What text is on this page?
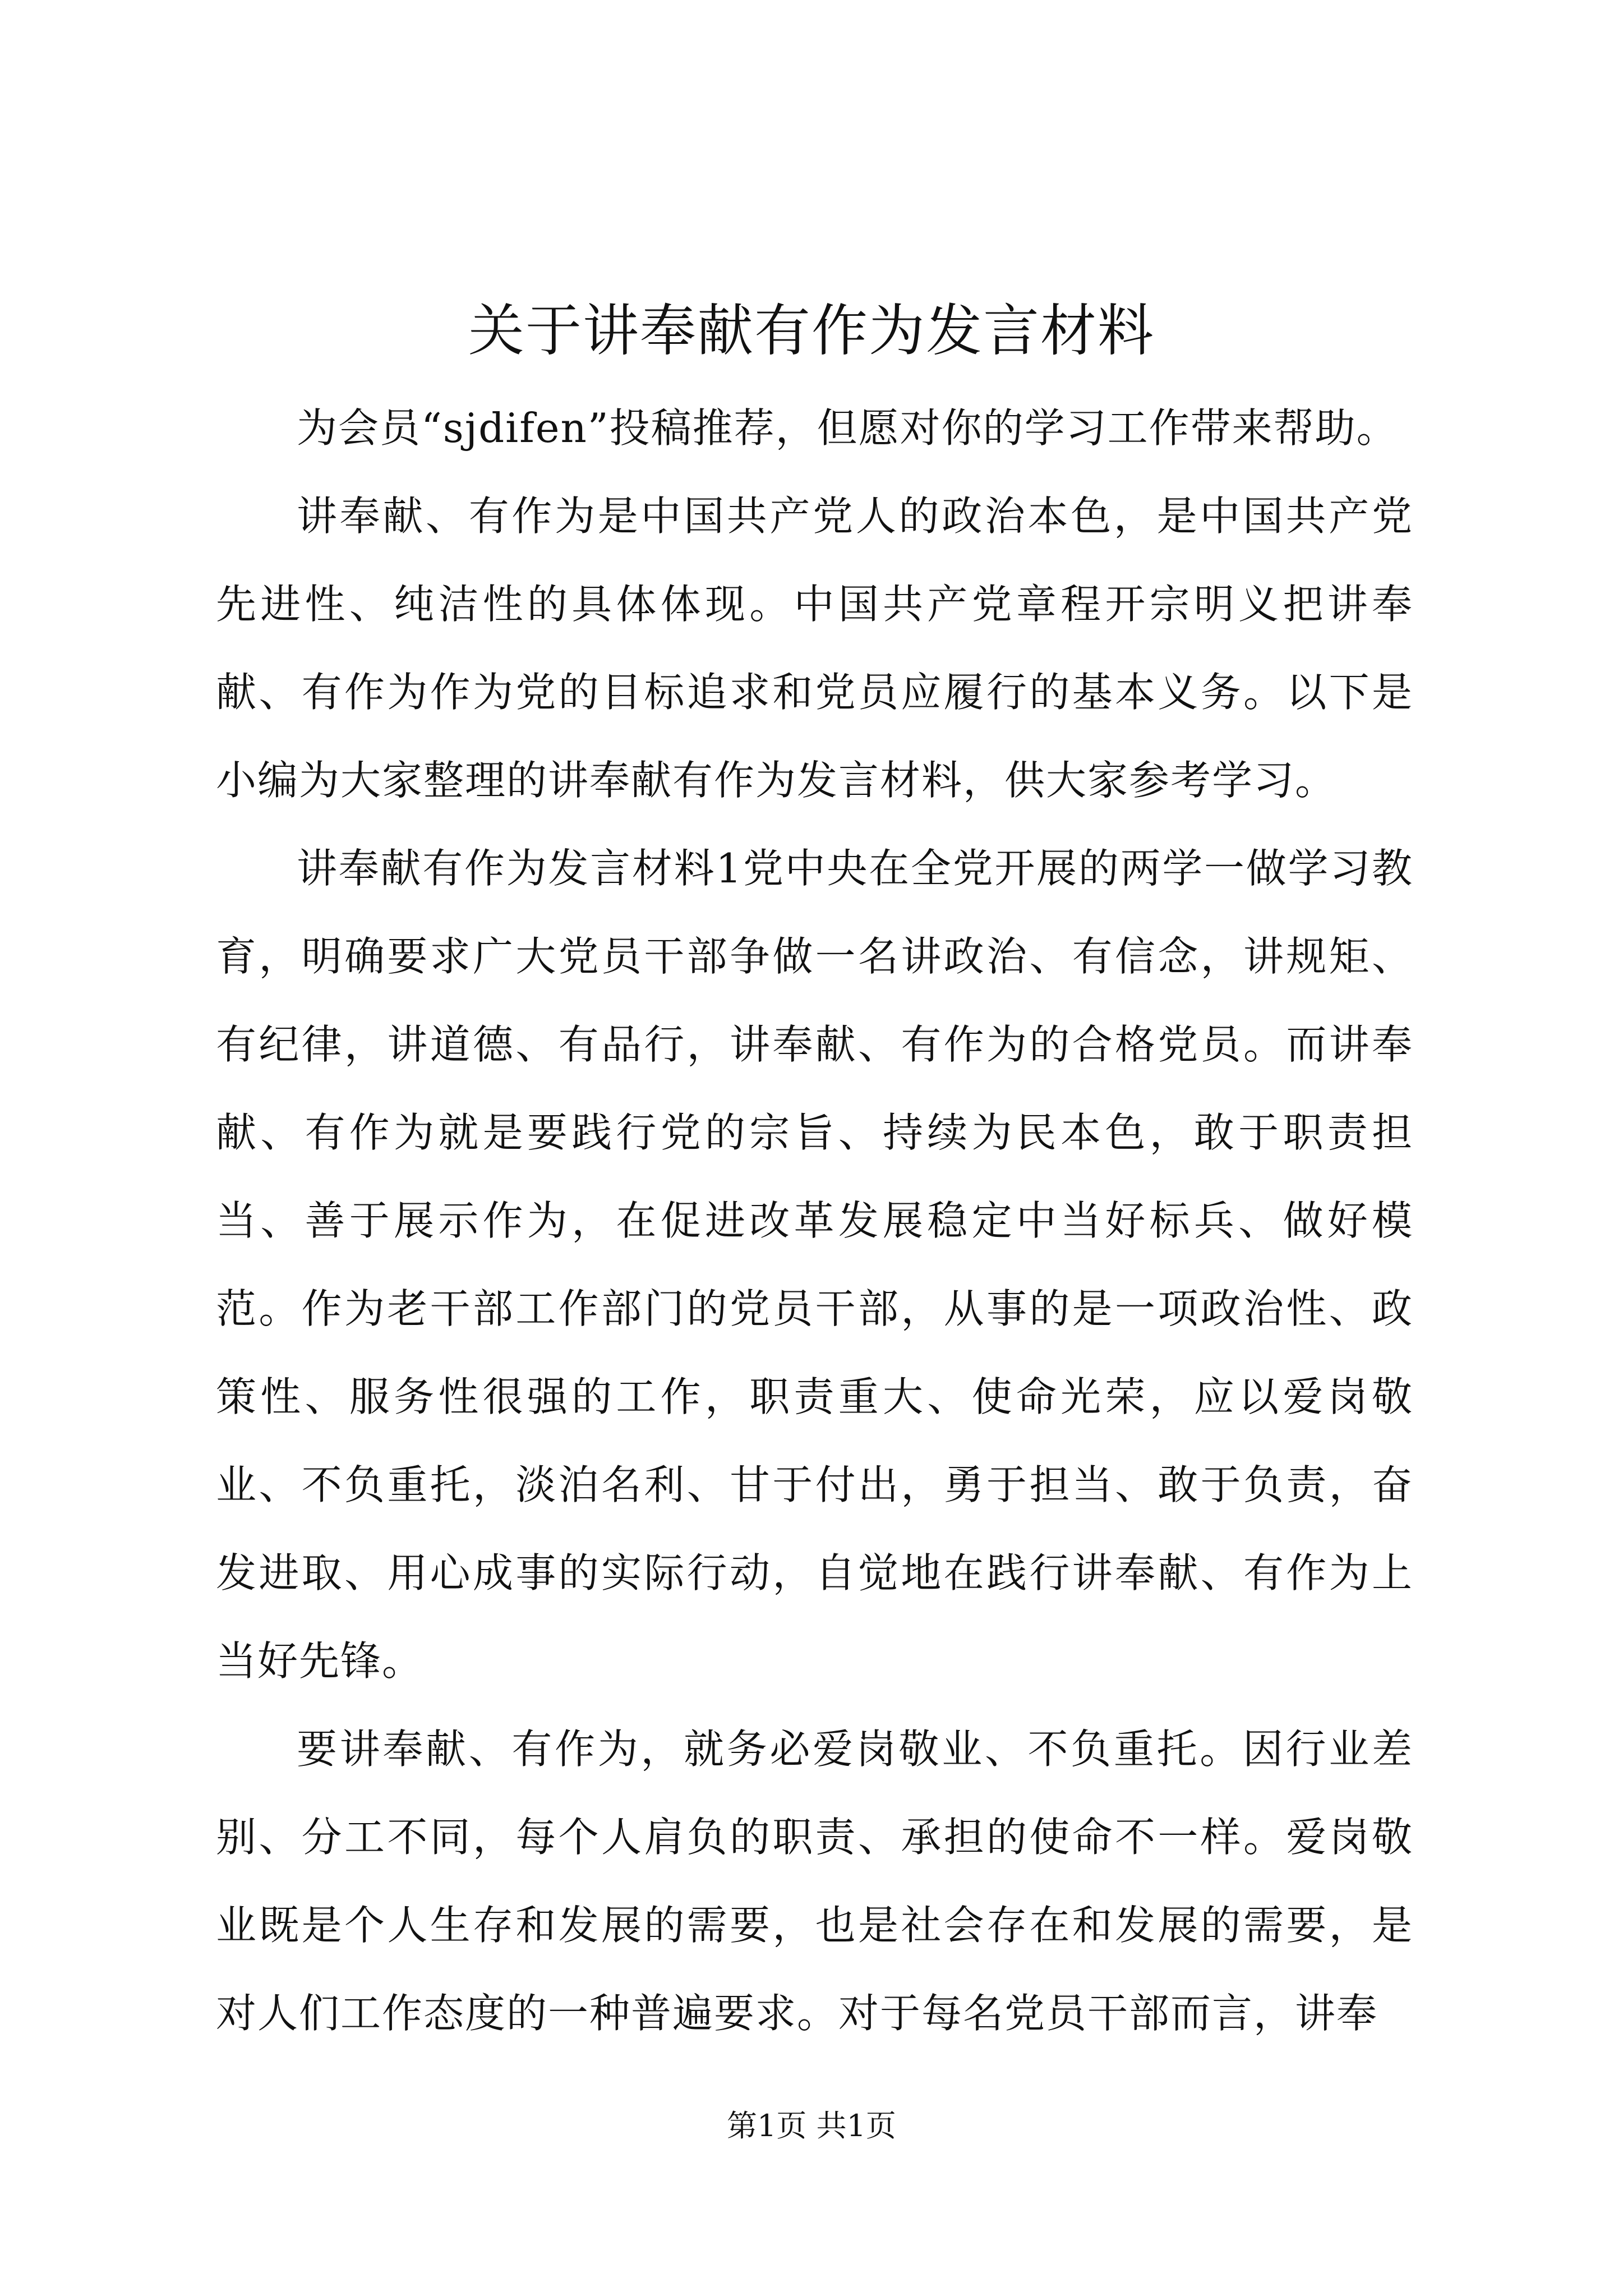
关于讲奉献有作为发言材料

为会员“sjdifen”投稿推荐，但愿对你的学习工作带来帮助。

讲奉献、有作为是中国共产党人的政治本色，是中国共产党先进性、纯洁性的具体体现。中国共产党章程开宗明义把讲奉献、有作为作为党的目标追求和党员应履行的基本义务。以下是小编为大家整理的讲奉献有作为发言材料，供大家参考学习。

讲奉献有作为发言材料1党中央在全党开展的两学一做学习教育，明确要求广大党员干部争做一名讲政治、有信念，讲规矩、有纪律，讲道德、有品行，讲奉献、有作为的合格党员。而讲奉献、有作为就是要践行党的宗旨、持续为民本色，敢于职责担当、善于展示作为，在促进改革发展稳定中当好标兵、做好模范。作为老干部工作部门的党员干部，从事的是一项政治性、政策性、服务性很强的工作，职责重大、使命光荣，应以爱岗敬业、不负重托，淡泊名利、甘于付出，勇于担当、敢于负责，奋发进取、用心成事的实际行动，自觉地在践行讲奉献、有作为上当好先锋。

要讲奉献、有作为，就务必爱岗敬业、不负重托。因行业差别、分工不同，每个人肩负的职责、承担的使命不一样。爱岗敬业既是个人生存和发展的需要，也是社会存在和发展的需要，是对人们工作态度的一种普遍要求。对于每名党员干部而言，讲奉

第1页 共1页
